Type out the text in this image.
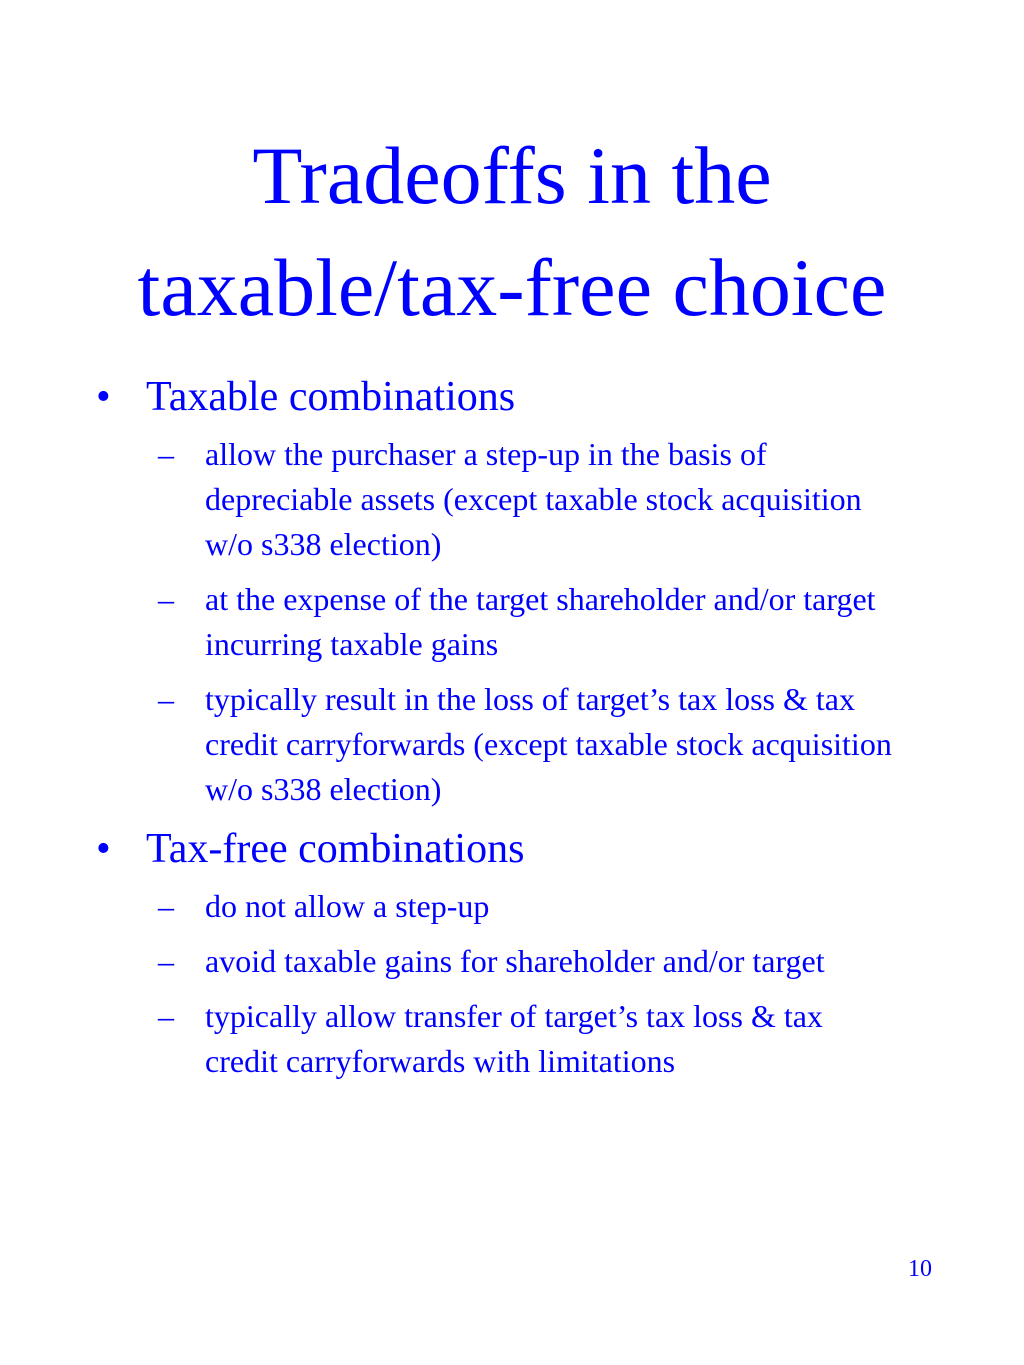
Tradeoffs in the
taxable/tax-free choice
• Taxable combinations
– allow the purchaser a step-up in the basis of depreciable assets (except taxable stock acquisition w/o s338 election)
– at the expense of the target shareholder and/or target incurring taxable gains
– typically result in the loss of target’s tax loss & tax credit carryforwards (except taxable stock acquisition w/o s338 election)
• Tax-free combinations
– do not allow a step-up
– avoid taxable gains for shareholder and/or target
– typically allow transfer of target’s tax loss & tax credit carryforwards with limitations
10
